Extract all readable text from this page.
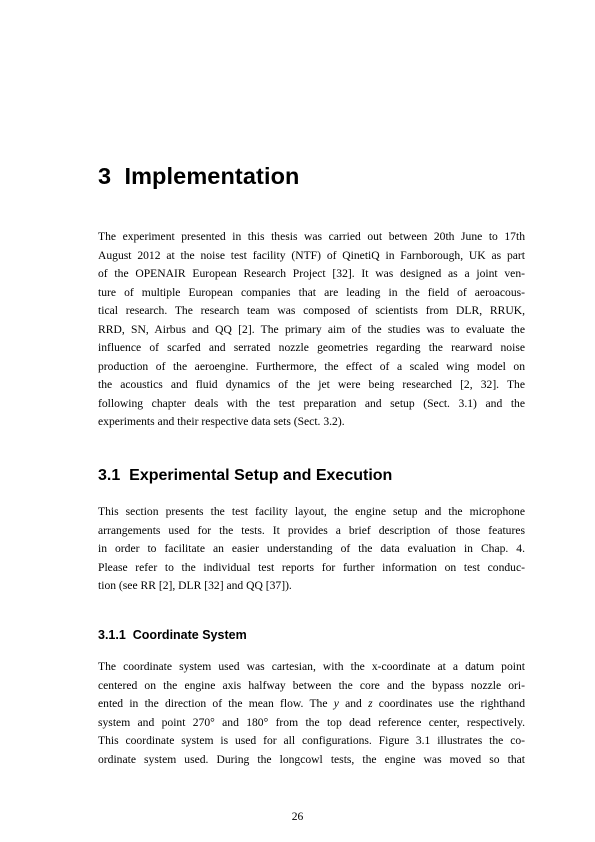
3 Implementation

The experiment presented in this thesis was carried out between 20th June to 17th
August 2012 at the noise test facility (NTF) of QinetiQ in Farnborough, UK as part
of the OPENAIR European Research Project [32]. It was designed as a joint ven-
ture of multiple European companies that are leading in the field of aeroacous-
tical research. The research team was composed of scientists from DLR, RRUK,
RRD, SN, Airbus and QQ [2]. The primary aim of the studies was to evaluate the
influence of scarfed and serrated nozzle geometries regarding the rearward noise
production of the aeroengine. Furthermore, the effect of a scaled wing model on
the acoustics and fluid dynamics of the jet were being researched [2, 32]. The
following chapter deals with the test preparation and setup (Sect. 3.1) and the
experiments and their respective data sets (Sect. 3.2).

3.1 Experimental Setup and Execution

This section presents the test facility layout, the engine setup and the microphone
arrangements used for the tests. It provides a brief description of those features
in order to facilitate an easier understanding of the data evaluation in Chap. 4.
Please refer to the individual test reports for further information on test conduc-
tion (see RR [2], DLR [32] and QQ [37]).

3.1.1 Coordinate System

The coordinate system used was cartesian, with the x-coordinate at a datum point
centered on the engine axis halfway between the core and the bypass nozzle ori-
ented in the direction of the mean flow. The y and z coordinates use the righthand
system and point 270° and 180° from the top dead reference center, respectively.
This coordinate system is used for all configurations. Figure 3.1 illustrates the co-
ordinate system used. During the longcowl tests, the engine was moved so that

26
